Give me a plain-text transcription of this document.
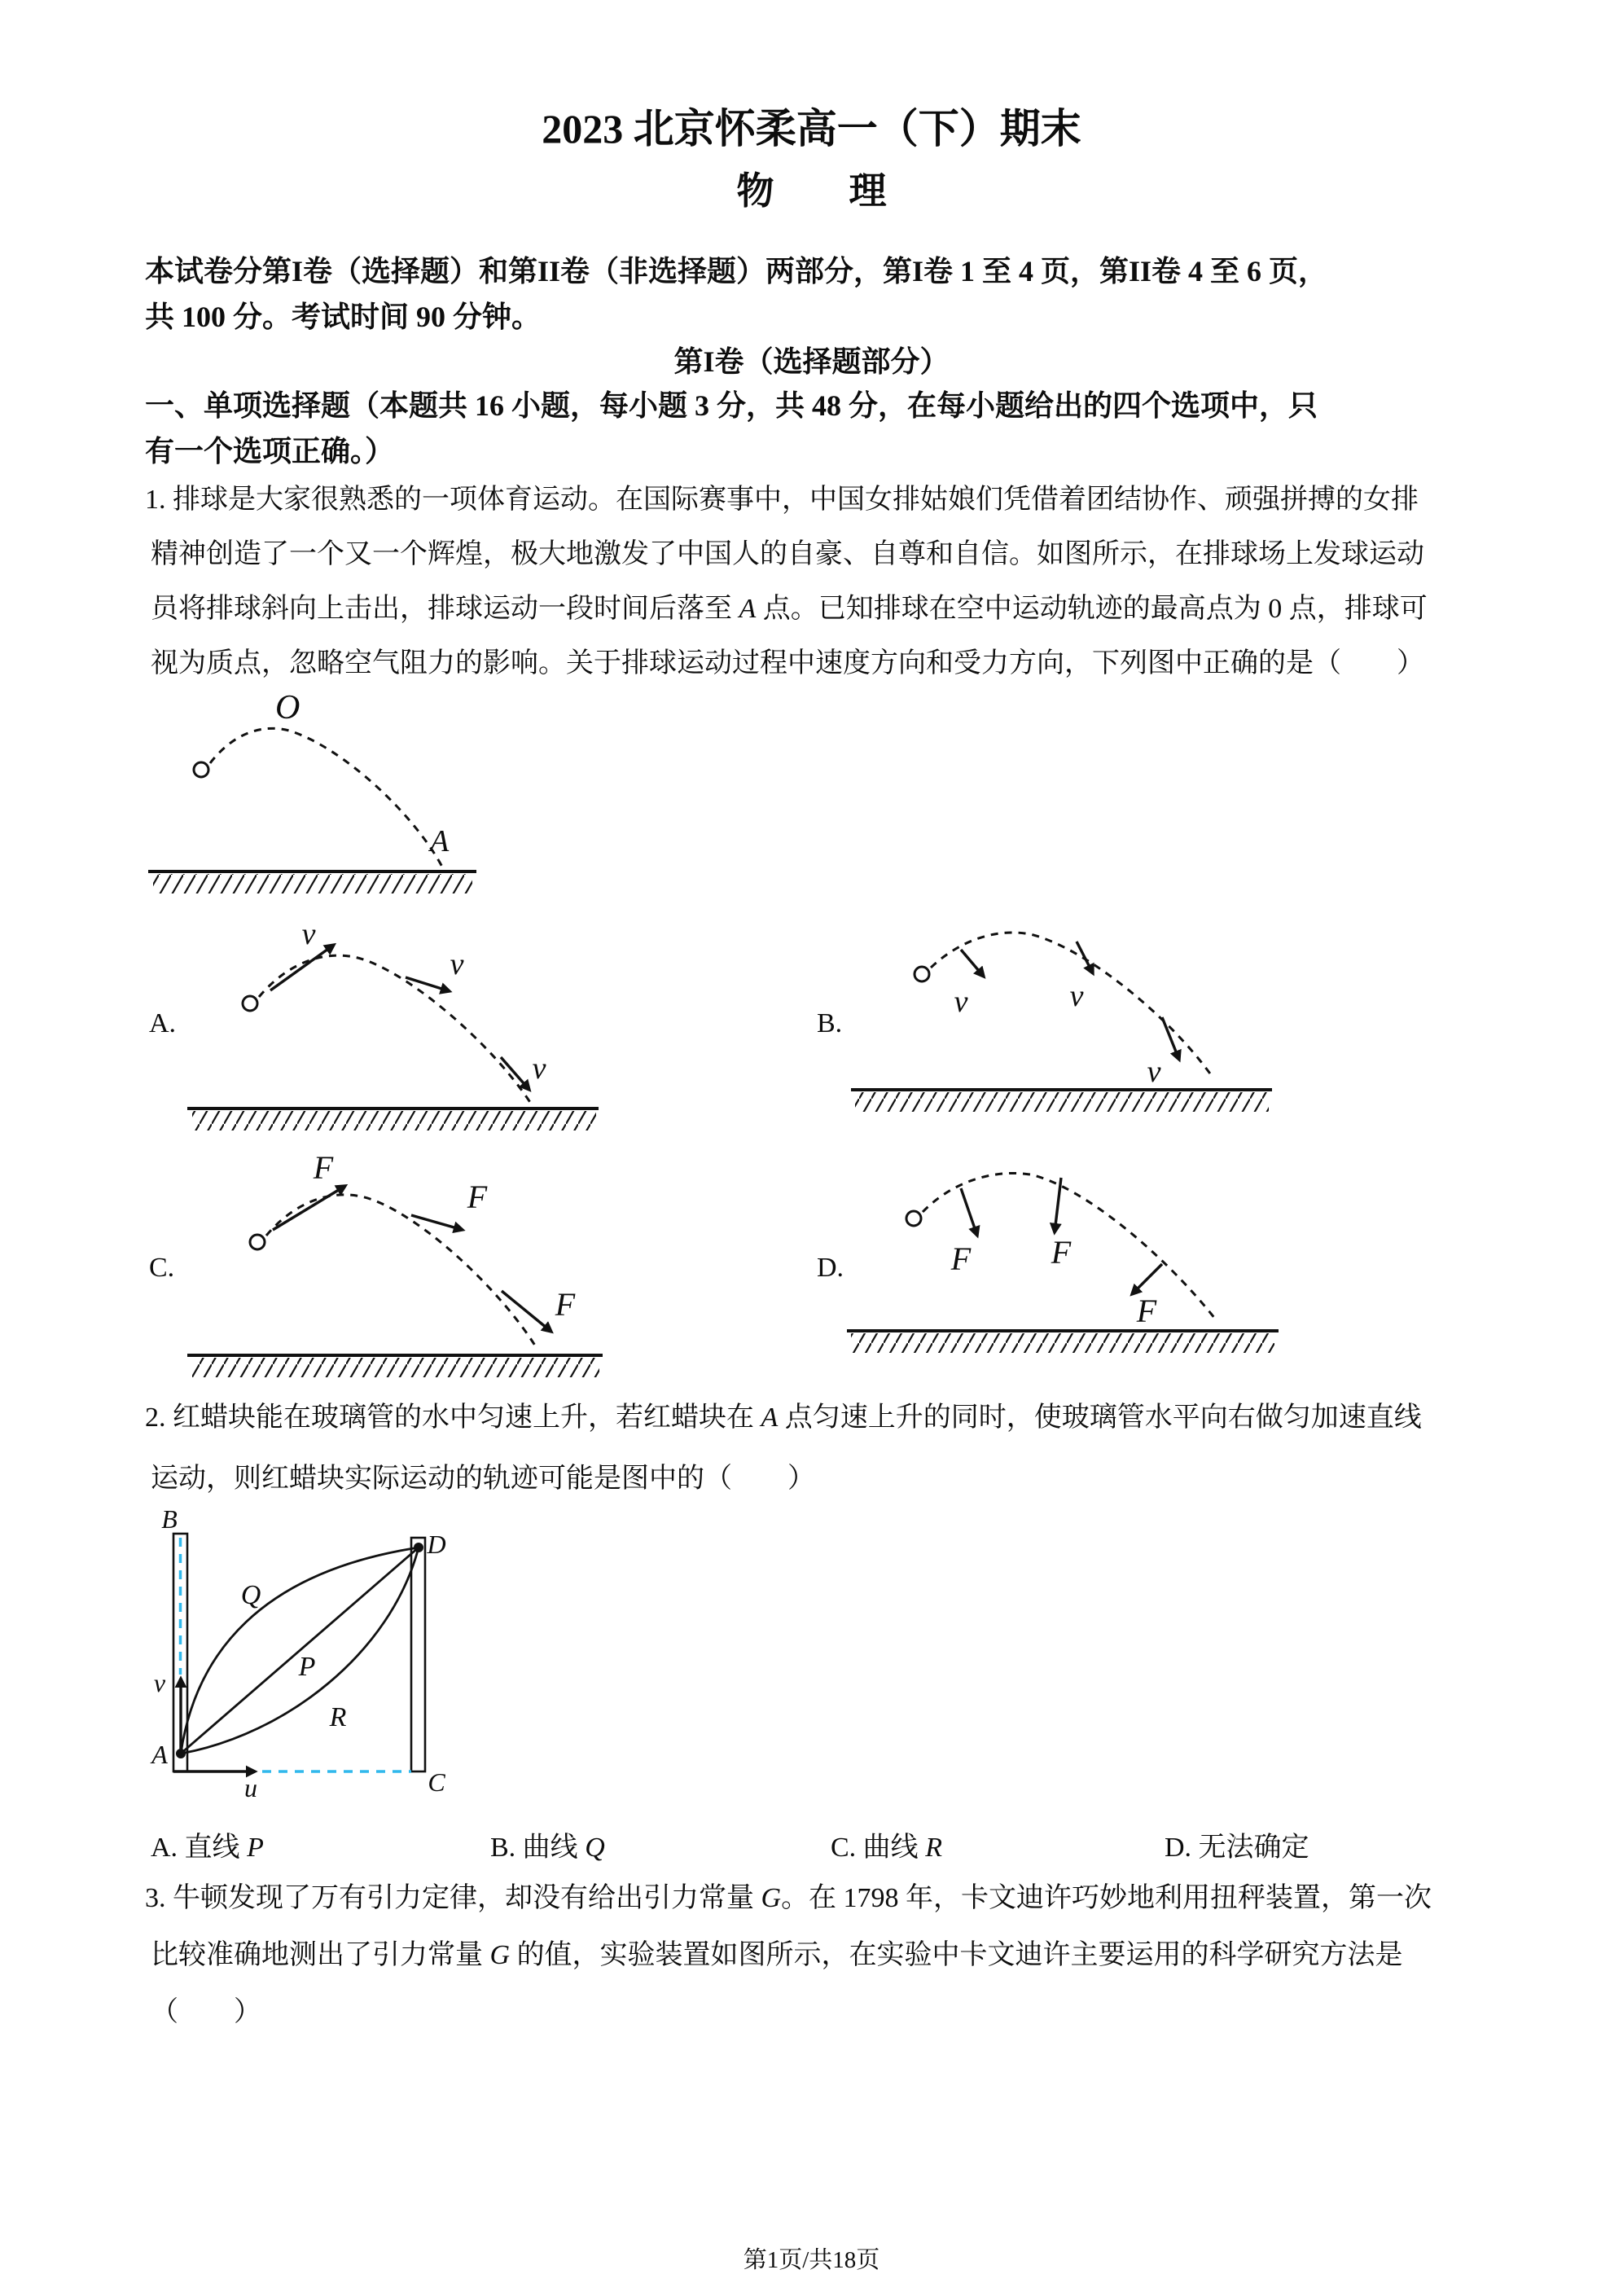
2023 北京怀柔高一（下）期末
物　　理
本试卷分第I卷（选择题）和第II卷（非选择题）两部分，第I卷 1 至 4 页，第II卷 4 至 6 页，
共 100 分。考试时间 90 分钟。
第I卷（选择题部分）
一、单项选择题（本题共 16 小题，每小题 3 分，共 48 分，在每小题给出的四个选项中，只
有一个选项正确。）
1. 排球是大家很熟悉的一项体育运动。在国际赛事中，中国女排姑娘们凭借着团结协作、顽强拼搏的女排
精神创造了一个又一个辉煌，极大地激发了中国人的自豪、自尊和自信。如图所示，在排球场上发球运动
员将排球斜向上击出，排球运动一段时间后落至 A 点。已知排球在空中运动轨迹的最高点为 0 点，排球可
视为质点，忽略空气阻力的影响。关于排球运动过程中速度方向和受力方向，下列图中正确的是（　　）
O
A
A.
v
v
v
B.
v	v
v
C.
F
F
F
D.	F F
F
2. 红蜡块能在玻璃管的水中匀速上升，若红蜡块在 A 点匀速上升的同时，使玻璃管水平向右做匀加速直线
运动，则红蜡块实际运动的轨迹可能是图中的（　　）
B
D
v
A
u	C
Q
P
R
A. 直线 P	B. 曲线 Q	C. 曲线 R	D. 无法确定
3. 牛顿发现了万有引力定律，却没有给出引力常量 G。在 1798 年，卡文迪许巧妙地利用扭秤装置，第一次
比较准确地测出了引力常量 G 的值，实验装置如图所示，在实验中卡文迪许主要运用的科学研究方法是
（　　）
第1页/共18页
